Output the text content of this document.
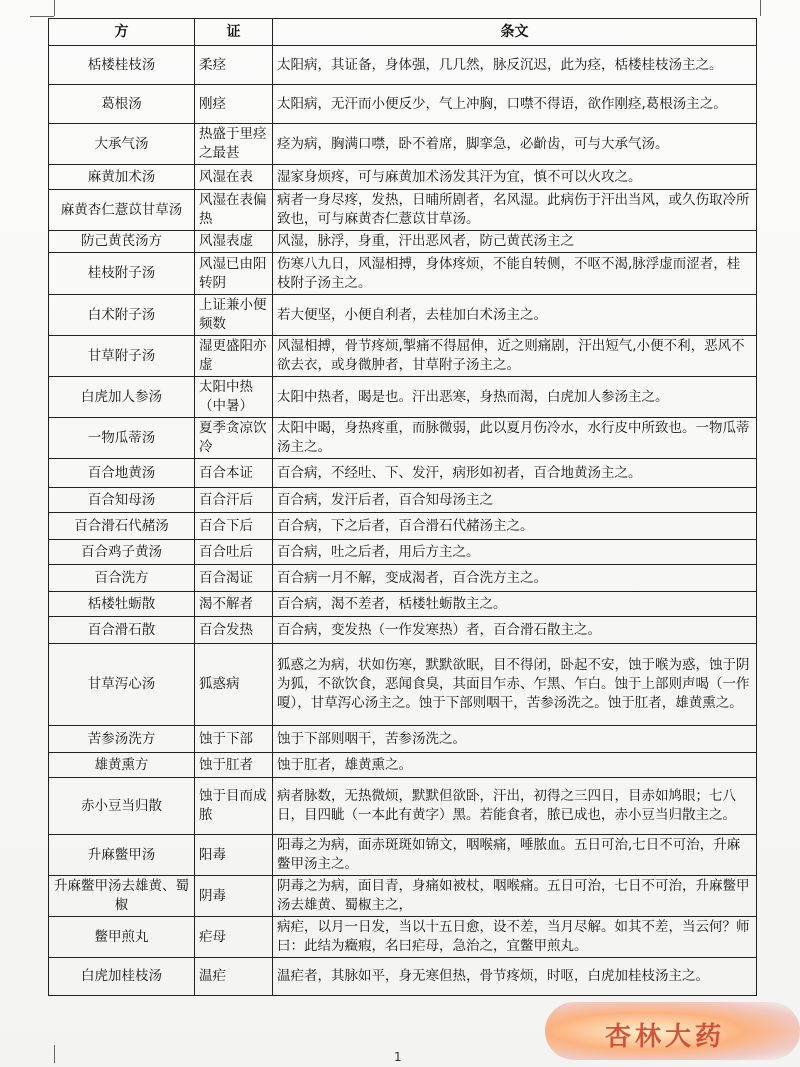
方	证	条文
栝楼桂枝汤	柔痉	太阳病，其证备，身体强，几几然，脉反沉迟，此为痉，栝楼桂枝汤主之。
葛根汤	刚痉	太阳病，无汗而小便反少，气上冲胸，口噤不得语，欲作刚痉,葛根汤主之。
大承气汤	热盛于里痉之最甚	痉为病，胸满口噤，卧不着席，脚挛急，必齘齿，可与大承气汤。
麻黄加术汤	风湿在表	湿家身烦疼，可与麻黄加术汤发其汗为宜，慎不可以火攻之。
麻黄杏仁薏苡甘草汤	风湿在表偏热	病者一身尽疼，发热，日晡所剧者，名风湿。此病伤于汗出当风，或久伤取冷所致也，可与麻黄杏仁薏苡甘草汤。
防己黄芪汤方	风湿表虚	风湿，脉浮，身重，汗出恶风者，防己黄芪汤主之
桂枝附子汤	风湿已由阳转阴	伤寒八九日，风湿相搏，身体疼烦，不能自转侧，不呕不渴,脉浮虚而涩者，桂枝附子汤主之。
白术附子汤	上证兼小便频数	若大便坚，小便自利者，去桂加白术汤主之。
甘草附子汤	湿更盛阳亦虚	风湿相搏，骨节疼烦,掣痛不得屈伸，近之则痛剧，汗出短气,小便不利，恶风不欲去衣，或身微肿者，甘草附子汤主之。
白虎加人参汤	太阳中热（中暑）	太阳中热者，暍是也。汗出恶寒，身热而渴，白虎加人参汤主之。
一物瓜蒂汤	夏季贪凉饮冷	太阳中暍，身热疼重，而脉微弱，此以夏月伤冷水，水行皮中所致也。一物瓜蒂汤主之。
百合地黄汤	百合本证	百合病，不经吐、下、发汗，病形如初者，百合地黄汤主之。
百合知母汤	百合汗后	百合病，发汗后者，百合知母汤主之
百合滑石代赭汤	百合下后	百合病，下之后者，百合滑石代赭汤主之。
百合鸡子黄汤	百合吐后	百合病，吐之后者，用后方主之。
百合洗方	百合渴证	百合病一月不解，变成渴者，百合洗方主之。
栝楼牡蛎散	渴不解者	百合病，渴不差者，栝楼牡蛎散主之。
百合滑石散	百合发热	百合病，变发热（一作发寒热）者，百合滑石散主之。
甘草泻心汤	狐惑病	狐惑之为病，状如伤寒，默默欲眠，目不得闭，卧起不安，蚀于喉为惑，蚀于阴为狐，不欲饮食，恶闻食臭，其面目乍赤、乍黑、乍白。蚀于上部则声喝（一作嗄），甘草泻心汤主之。蚀于下部则咽干，苦参汤洗之。蚀于肛者，雄黄熏之。
苦参汤洗方	蚀于下部	蚀于下部则咽干，苦参汤洗之。
雄黄熏方	蚀于肛者	蚀于肛者，雄黄熏之。
赤小豆当归散	蚀于目而成脓	病者脉数，无热微烦，默默但欲卧，汗出，初得之三四日，目赤如鸠眼；七八日，目四眦（一本此有黄字）黑。若能食者，脓已成也，赤小豆当归散主之。
升麻鳖甲汤	阳毒	阳毒之为病，面赤斑斑如锦文，咽喉痛，唾脓血。五日可治,七日不可治，升麻鳖甲汤主之。
升麻鳖甲汤去雄黄、蜀椒	阴毒	阴毒之为病，面目青，身痛如被杖，咽喉痛。五日可治，七日不可治，升麻鳖甲汤去雄黄、蜀椒主之，
鳖甲煎丸	疟母	病疟，以月一日发，当以十五日愈，设不差，当月尽解。如其不差，当云何？师曰：此结为癥瘕，名曰疟母，急治之，宜鳖甲煎丸。
白虎加桂枝汤	温疟	温疟者，其脉如平，身无寒但热，骨节疼烦，时呕，白虎加桂枝汤主之。
1
杏林大药
